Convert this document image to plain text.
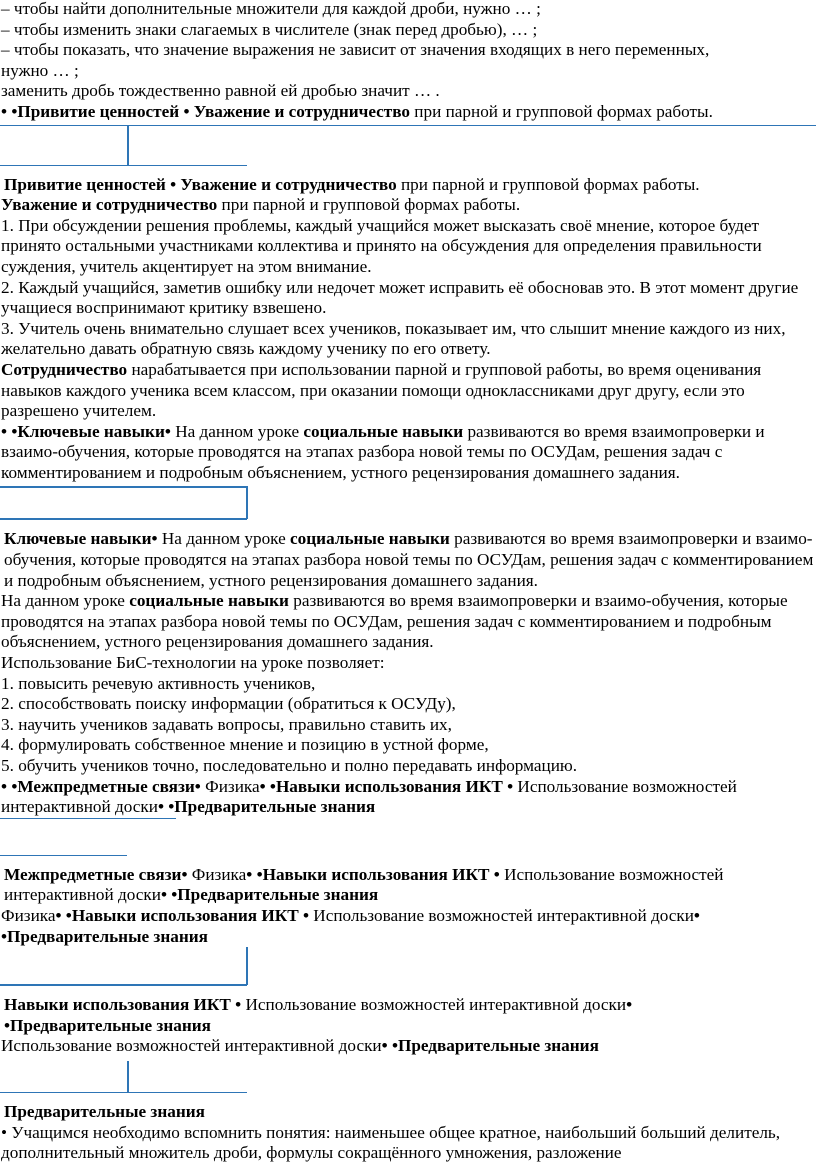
– чтобы найти дополнительные множители для каждой дроби, нужно … ;

– чтобы изменить знаки слагаемых в числителе (знак перед дробью), … ;

– чтобы показать, что значение выражения не зависит от значения входящих в него переменных,

нужно … ;

заменить дробь тождественно равной ей дробью значит … .

• •Привитие ценностей • Уважение и сотрудничество при парной и групповой формах работы.

Привитие ценностей • Уважение и сотрудничество при парной и групповой формах работы.

Уважение и сотрудничество при парной и групповой формах работы.

1. При обсуждении решения проблемы, каждый учащийся может высказать своё мнение, которое будет принято остальными участниками коллектива и принято на обсуждения для определения правильности суждения, учитель акцентирует на этом внимание.

2. Каждый учащийся, заметив ошибку или недочет может исправить её обосновав это. В этот момент другие учащиеся воспринимают критику взвешено.

3. Учитель очень внимательно слушает всех учеников, показывает им, что слышит мнение каждого из них, желательно давать обратную связь каждому ученику по его ответу.

Сотрудничество нарабатывается при использовании парной и групповой работы, во время оценивания навыков каждого ученика всем классом, при оказании помощи одноклассниками друг другу, если это разрешено учителем.

• •Ключевые навыки• На данном уроке социальные навыки развиваются во время взаимопроверки и взаимо-обучения, которые проводятся на этапах разбора новой темы по ОСУДам, решения задач с комментированием и подробным объяснением, устного рецензирования домашнего задания.

Ключевые навыки• На данном уроке социальные навыки развиваются во время взаимопроверки и взаимо-обучения, которые проводятся на этапах разбора новой темы по ОСУДам, решения задач с комментированием и подробным объяснением, устного рецензирования домашнего задания.

На данном уроке социальные навыки развиваются во время взаимопроверки и взаимо-обучения, которые проводятся на этапах разбора новой темы по ОСУДам, решения задач с комментированием и подробным объяснением, устного рецензирования домашнего задания.

Использование БиС-технологии на уроке позволяет:

1. повысить речевую активность учеников,

2. способствовать поиску информации (обратиться к ОСУДу),

3. научить учеников задавать вопросы, правильно ставить их,

4. формулировать собственное мнение и позицию в устной форме,

5. обучить учеников точно, последовательно и полно передавать информацию.

• •Межпредметные связи• Физика• •Навыки использования ИКТ • Использование возможностей интерактивной доски• •Предварительные знания

Межпредметные связи• Физика• •Навыки использования ИКТ • Использование возможностей интерактивной доски• •Предварительные знания

Физика• •Навыки использования ИКТ • Использование возможностей интерактивной доски• •Предварительные знания

Навыки использования ИКТ • Использование возможностей интерактивной доски• •Предварительные знания

Использование возможностей интерактивной доски• •Предварительные знания

Предварительные знания

• Учащимся необходимо вспомнить понятия: наименьшее общее кратное, наибольший больший делитель, дополнительный множитель дроби, формулы сокращённого умножения, разложение
